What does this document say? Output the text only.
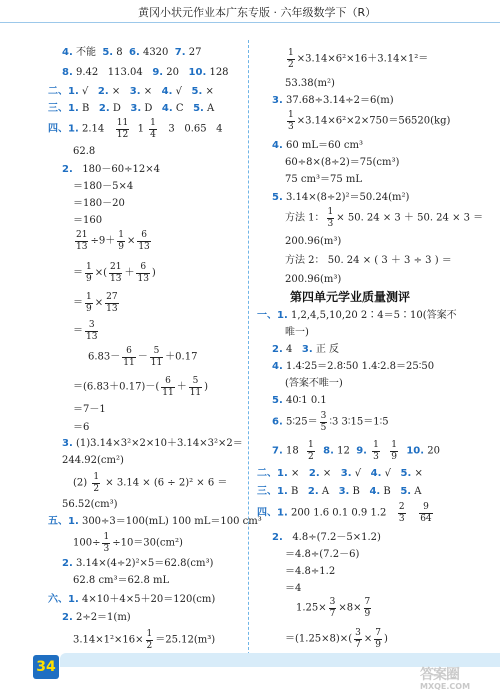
黄冈小状元作业本广东专版 · 六年级数学下（R）
4. 不能 5. 8 6. 4320 7. 27
8. 9.42 113.04 9. 20 10. 128
二、1. √ 2. × 3. × 4. √ 5. ×
三、1. B 2. D 3. D 4. C 5. A
四、1. $2.14 \frac{11}{12} 1 \frac{1}{4} 3$ 0.65 4
62.8
2. 180－60÷12×4
＝180－5×4
＝180－20
＝160
$\frac{21}{13} \div 9+ \frac{1}{9} \times \frac{6}{13}$
＝ $\frac{1}{9}$ ×( $\frac{21}{13} + \frac{6}{13}$ )
＝ $\frac{1}{9} \times \frac{27}{13}$
＝ $\frac{3}{13}$
$6.83- \frac{6}{11} - \frac{5}{11} +0.17$
$=(6.83+0.17)-( \frac{6}{11} + \frac{5}{11}$ )
＝7－1
＝6
3. (1)3.14×3²×2×10＋3.14×3²×2＝
244.92(cm²)
$(2) \frac{1}{2} \times 3.14 \times (6 \div 2)^2 \times 6$ ＝
56.52(cm³)
五、1. 300÷3＝100(mL) 100 mL＝100 cm³
$100\div \frac{1}{3} \div 10=30(cm^2)$
2. 3.14×(4÷2)²×5＝62.8(cm³)
62.8 cm³＝62.8 mL
六、1. 4×10＋4×5＋20＝120(cm)
2. 2÷2＝1(m)
$3.14\times 1^2\times 16\times \frac{1}{2} =25.12(m^3)$
$\frac{1}{2} \times 3.14\times 6^2\times 16+3.14\times 1^2=$
53.38(m²)
3. 37.68÷3.14÷2＝6(m)
$\frac{1}{3} \times 3.14\times 6^2\times 2\times 750=56520(kg)$
4. 60 mL＝60 cm³
60÷8×(8÷2)＝75(cm³)
75 cm³＝75 mL
5. 3.14×(8÷2)²＝50.24(m²)
方法 1： $\frac{1}{3} \times 50$. 24 × 3 ＋ 50. 24 × 3 ＝
200.96(m³)
方法 2： 50. 24 × ( 3 ＋ 3 ÷ 3 ) ＝
200.96(m³)
第四单元学业质量测评
一、1. 1,2,4,5,10,20 2∶4＝5∶10(答案不
唯一)
2. 4 3. 正 反
4. 1.4∶25＝2.8∶50 1.4∶2.8＝25∶50
(答案不唯一)
5. 40∶1 0.1
6. 5∶25＝ $\frac{3}{5}$ ∶3 3∶15＝1∶5
7. $18 \frac{1}{2} 8$. 12 9. $\frac{1}{3}$
$\frac{1}{9} 10$. 20
二、1. × 2. × 3. √ 4. √ 5. ×
三、1. B 2. A 3. B 4. B 5. A
四、1. 200 1.6 0.1 0.9 $1.2 \frac{2}{3}$
$\frac{9}{64}$
2. 4.8÷(7.2－5×1.2)
＝4.8÷(7.2－6)
＝4.8÷1.2
＝4
$1.25\times \frac{3}{7} \times 8\times \frac{7}{9}$
$=(1.25\times 8)\times( \frac{3}{7} \times \frac{7}{9}$ )
34	答案圈
MXQE.COM
